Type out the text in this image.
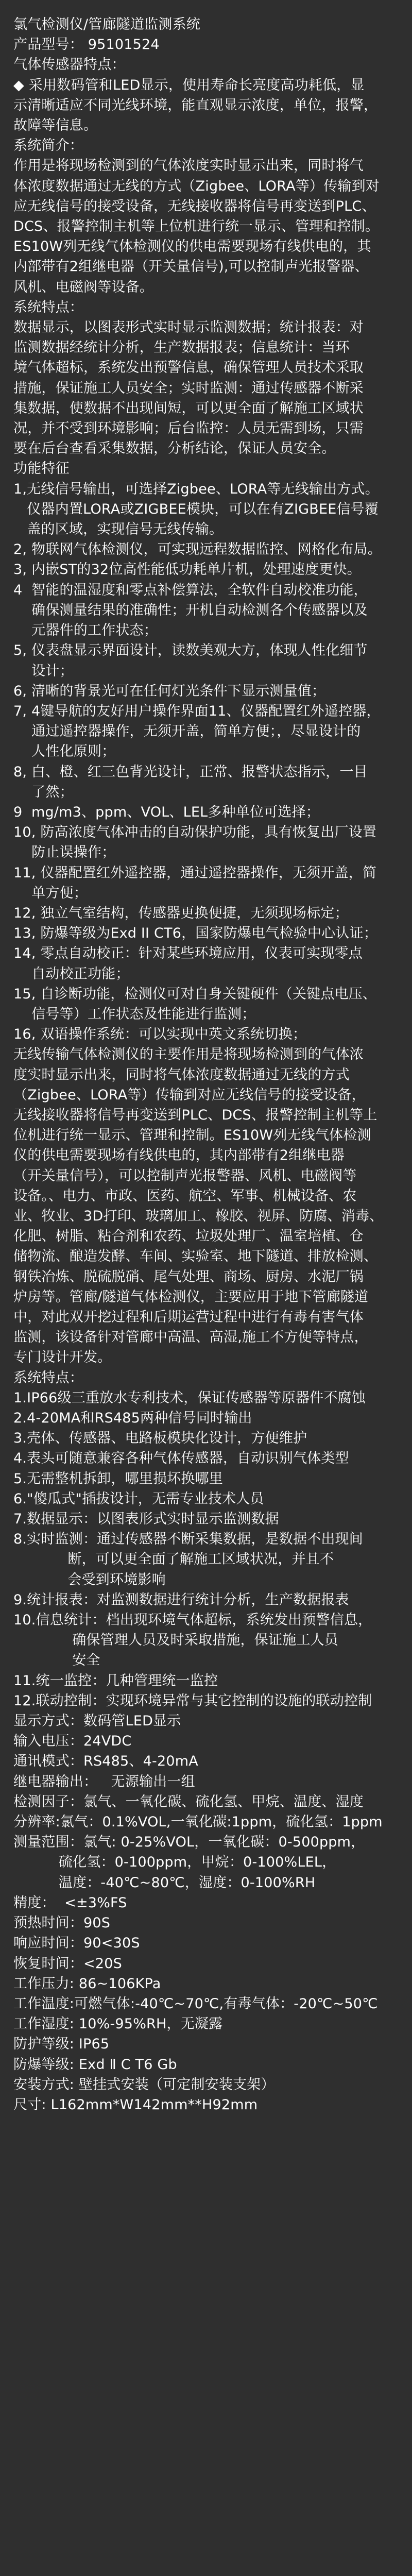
氯气检测仪/管廊隧道监测系统

产品型号： 95101524

气体传感器特点：

◆ 采用数码管和LED显示，使用寿命长亮度高功耗低，显

示清晰适应不同光线环境，能直观显示浓度，单位，报警，

故障等信息。

系统简介：

作用是将现场检测到的气体浓度实时显示出来，同时将气

体浓度数据通过无线的方式（Zigbee、LORA等）传输到对

应无线信号的接受设备，无线接收器将信号再变送到PLC、

DCS、报警控制主机等上位机进行统一显示、管理和控制。

ES10W列无线气体检测仪的供电需要现场有线供电的，其

内部带有2组继电器（开关量信号),可以控制声光报警器、

风机、电磁阀等设备。

系统特点：

数据显示，以图表形式实时显示监测数据；统计报表：对

监测数据经统计分析，生产数据报表；信息统计：当环

境气体超标，系统发出预警信息，确保管理人员技术采取

措施，保证施工人员安全；实时监测：通过传感器不断采

集数据，使数据不出现间短，可以更全面了解施工区域状

况，并不受到环境影响；后台监控：人员无需到场，只需

要在后台查看采集数据，分析结论，保证人员安全。

功能特征

1,无线信号输出，可选择Zigbee、LORA等无线输出方式。

仪器内置LORA或ZIGBEE模块，可以在有ZIGBEE信号覆

盖的区域，实现信号无线传输。

2, 物联网气体检测仪，可实现远程数据监控、网格化布局。

3, 内嵌ST的32位高性能低功耗单片机，处理速度更快。

4  智能的温湿度和零点补偿算法，全软件自动校准功能，

确保测量结果的准确性；开机自动检测各个传感器以及

元器件的工作状态；

5, 仪表盘显示界面设计，读数美观大方，体现人性化细节

设计；

6, 清晰的背景光可在任何灯光条件下显示测量值；

7, 4键导航的友好用户操作界面11、仪器配置红外遥控器，

通过遥控器操作，无须开盖，简单方便；，尽显设计的

人性化原则；

8, 白、橙、红三色背光设计，正常、报警状态指示，一目

了然；

9  mg/m3、ppm、VOL、LEL多种单位可选择；

10, 防高浓度气体冲击的自动保护功能，具有恢复出厂设置

防止误操作；

11, 仪器配置红外遥控器，通过遥控器操作，无须开盖，简

单方便；

12, 独立气室结构，传感器更换便捷，无须现场标定；

13, 防爆等级为Exd II CT6，国家防爆电气检验中心认证；

14, 零点自动校正：针对某些环境应用，仪表可实现零点

自动校正功能；

15, 自诊断功能，检测仪可对自身关键硬件（关键点电压、

信号等）工作状态及性能进行监测；

16, 双语操作系统：可以实现中英文系统切换；

无线传输气体检测仪的主要作用是将现场检测到的气体浓

度实时显示出来，同时将气体浓度数据通过无线的方式

（Zigbee、LORA等）传输到对应无线信号的接受设备，

无线接收器将信号再变送到PLC、DCS、报警控制主机等上

位机进行统一显示、管理和控制。ES10W列无线气体检测

仪的供电需要现场有线供电的，其内部带有2组继电器

（开关量信号），可以控制声光报警器、风机、电磁阀等

设备。、电力、市政、医药、航空、军事、机械设备、农

业、牧业、3D打印、玻璃加工、橡胶、视屏、防腐、消毒、

化肥、树脂、粘合剂和农药、垃圾处理厂、温室培植、仓

储物流、酿造发酵、车间、实验室、地下隧道、排放检测、

钢铁冶炼、脱硫脱硝、尾气处理、商场、厨房、水泥厂锅

炉房等。管廊/隧道气体检测仪，主要应用于地下管廊隧道

中，对此双开挖过程和后期运营过程中进行有毒有害气体

监测，该设备针对管廊中高温、高湿,施工不方便等特点，

专门设计开发。

系统特点：

1.IP66级三重放水专利技术，保证传感器等原器件不腐蚀

2.4-20MA和RS485两种信号同时输出

3.壳体、传感器、电路板模块化设计，方便维护

4.表头可随意兼容各种气体传感器，自动识别气体类型

5.无需整机拆卸，哪里损坏换哪里

6."傻瓜式"插拔设计，无需专业技术人员

7.数据显示：以图表形式实时显示监测数据

8.实时监测：通过传感器不断采集数据，是数据不出现间

断，可以更全面了解施工区域状况，并且不

会受到环境影响

9.统计报表：对监测数据进行统计分析，生产数据报表

10.信息统计：档出现环境气体超标，系统发出预警信息，

确保管理人员及时采取措施，保证施工人员

安全

11.统一监控：几种管理统一监控

12.联动控制：实现环境异常与其它控制的设施的联动控制

显示方式：数码管LED显示

输入电压：24VDC

通讯模式：RS485、4-20mA

继电器输出：   无源输出一组

检测因子：氯气、一氧化碳、硫化氢、甲烷、温度、湿度

分辨率:氯气：0.1%VOL,一氧化碳:1ppm，硫化氢：1ppm

测量范围：氯气: 0-25%VOL，一氧化碳：0-500ppm，

硫化氢：0-100ppm，甲烷：0-100%LEL，

温度：-40℃~80℃，湿度：0-100%RH

精度：  <±3%FS

预热时间：90S

响应时间：90<30S

恢复时间：<20S

工作压力: 86~106KPa

工作温度:可燃气体:-40℃~70℃,有毒气体：-20℃~50℃

工作湿度: 10%-95%RH，无凝露

防护等级: IP65

防爆等级: Exd Ⅱ C T6 Gb

安装方式: 壁挂式安装（可定制安装支架）

尺寸: L162mm*W142mm**H92mm
